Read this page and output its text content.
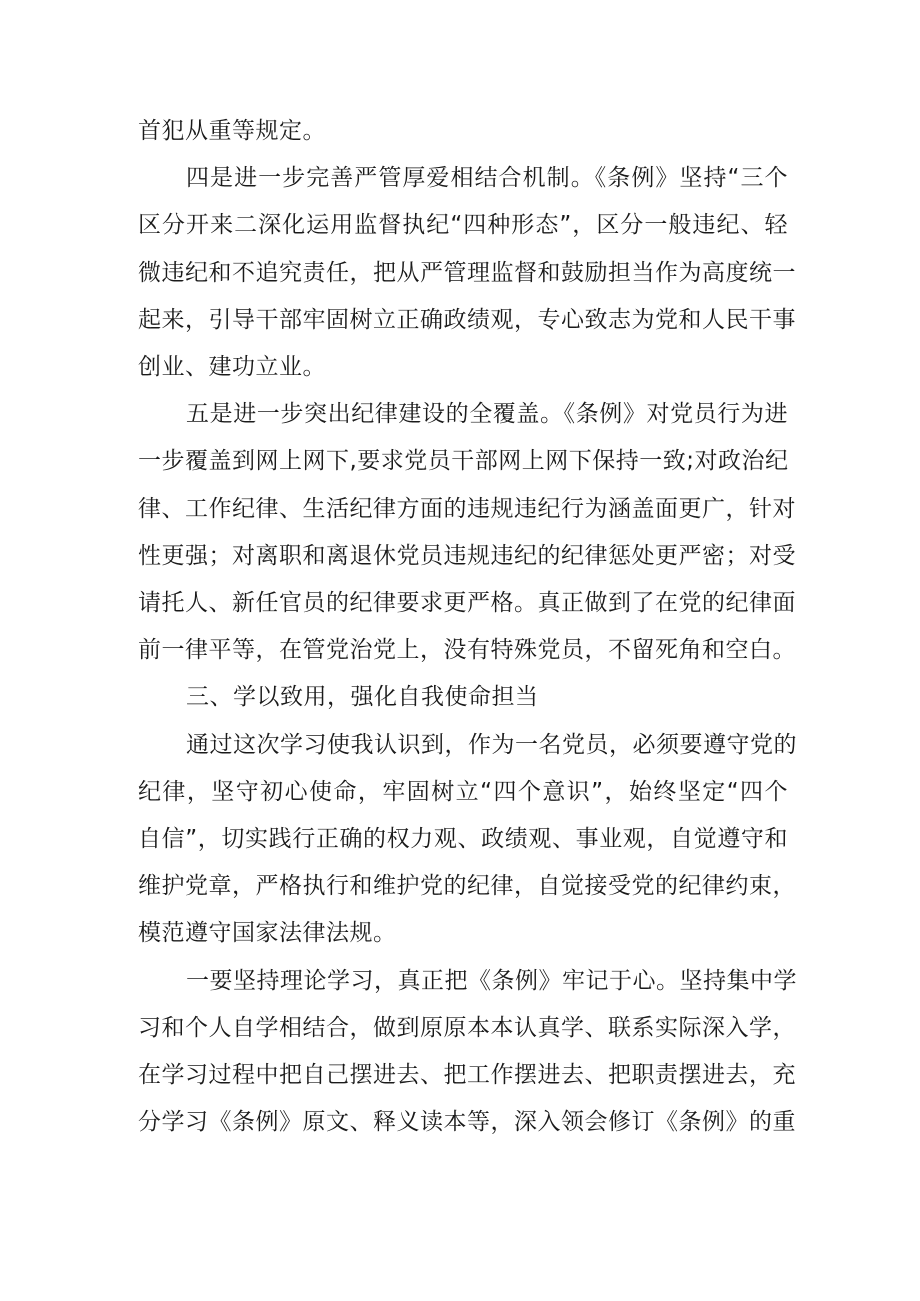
首犯从重等规定。
四是进一步完善严管厚爱相结合机制。《条例》坚持“三个
区分开来二深化运用监督执纪“四种形态”，区分一般违纪、轻
微违纪和不追究责任，把从严管理监督和鼓励担当作为高度统一
起来，引导干部牢固树立正确政绩观，专心致志为党和人民干事
创业、建功立业。
五是进一步突出纪律建设的全覆盖。《条例》对党员行为进
一步覆盖到网上网下,要求党员干部网上网下保持一致;对政治纪
律、工作纪律、生活纪律方面的违规违纪行为涵盖面更广，针对
性更强；对离职和离退休党员违规违纪的纪律惩处更严密；对受
请托人、新任官员的纪律要求更严格。真正做到了在党的纪律面
前一律平等，在管党治党上，没有特殊党员，不留死角和空白。
三、学以致用，强化自我使命担当
通过这次学习使我认识到，作为一名党员，必须要遵守党的
纪律，坚守初心使命，牢固树立“四个意识”，始终坚定“四个
自信”，切实践行正确的权力观、政绩观、事业观，自觉遵守和
维护党章，严格执行和维护党的纪律，自觉接受党的纪律约束，
模范遵守国家法律法规。
一要坚持理论学习，真正把《条例》牢记于心。坚持集中学
习和个人自学相结合，做到原原本本认真学、联系实际深入学，
在学习过程中把自己摆进去、把工作摆进去、把职责摆进去，充
分学习《条例》原文、释义读本等，深入领会修订《条例》的重
